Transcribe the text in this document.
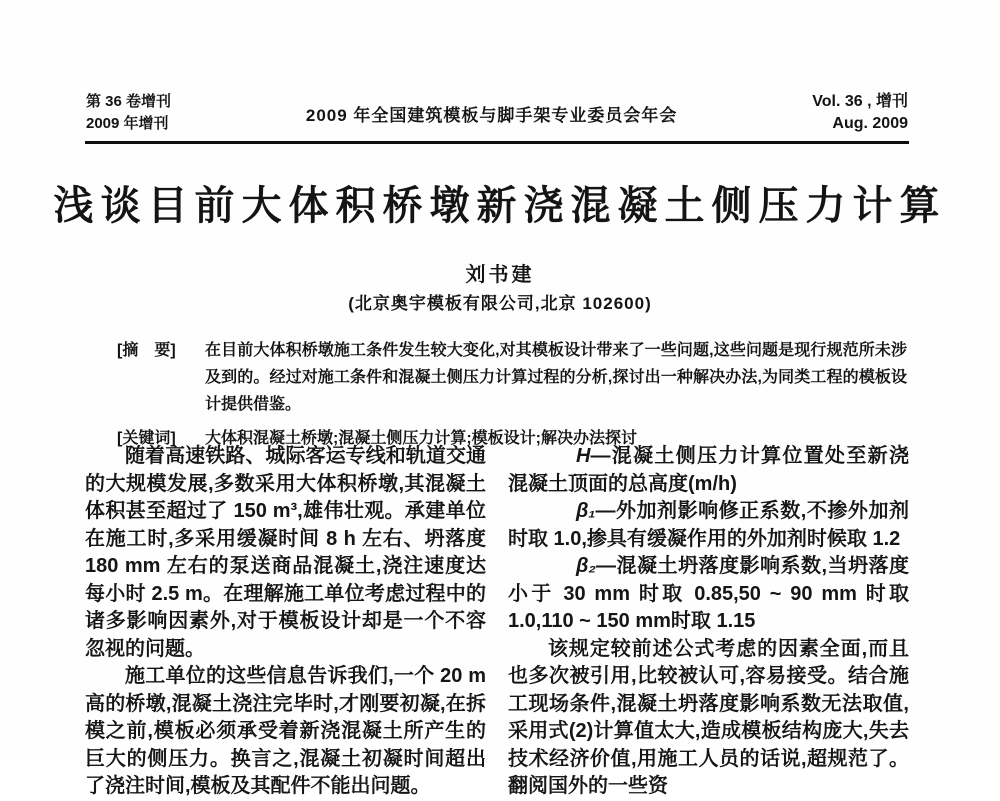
第 36 卷增刊
2009 年增刊	2009 年全国建筑模板与脚手架专业委员会年会
Vol. 36 , 增刊
Aug. 2009
浅谈目前大体积桥墩新浇混凝土侧压力计算
刘书建
(北京奥宇模板有限公司,北京 102600)
[摘　要]	在目前大体积桥墩施工条件发生较大变化,对其模板设计带来了一些问题,这些问题是现行规范所未涉及到的。经过对施工条件和混凝土侧压力计算过程的分析,探讨出一种解决办法,为同类工程的模板设计提供借鉴。
[关键词]	大体积混凝土桥墩;混凝土侧压力计算;模板设计;解决办法探讨

随着高速铁路、城际客运专线和轨道交通的大规模发展,多数采用大体积桥墩,其混凝土体积甚至超过了 150 m³,雄伟壮观。承建单位在施工时,多采用缓凝时间 8 h 左右、坍落度 180 mm 左右的泵送商品混凝土,浇注速度达每小时 2.5 m。在理解施工单位考虑过程中的诸多影响因素外,对于模板设计却是一个不容忽视的问题。

施工单位的这些信息告诉我们,一个 20 m 高的桥墩,混凝土浇注完毕时,才刚要初凝,在拆模之前,模板必须承受着新浇混凝土所产生的巨大的侧压力。换言之,混凝土初凝时间超出了浇注时间,模板及其配件不能出问题。

H—混凝土侧压力计算位置处至新浇混凝土顶面的总高度(m/h)

β₁—外加剂影响修正系数,不掺外加剂时取 1.0,掺具有缓凝作用的外加剂时候取 1.2

β₂—混凝土坍落度影响系数,当坍落度小于 30 mm 时取 0.85,50 ~ 90 mm 时取 1.0,110 ~ 150 mm时取 1.15

该规定较前述公式考虑的因素全面,而且也多次被引用,比较被认可,容易接受。结合施工现场条件,混凝土坍落度影响系数无法取值,采用式(2)计算值太大,造成模板结构庞大,失去技术经济价值,用施工人员的话说,超规范了。翻阅国外的一些资
